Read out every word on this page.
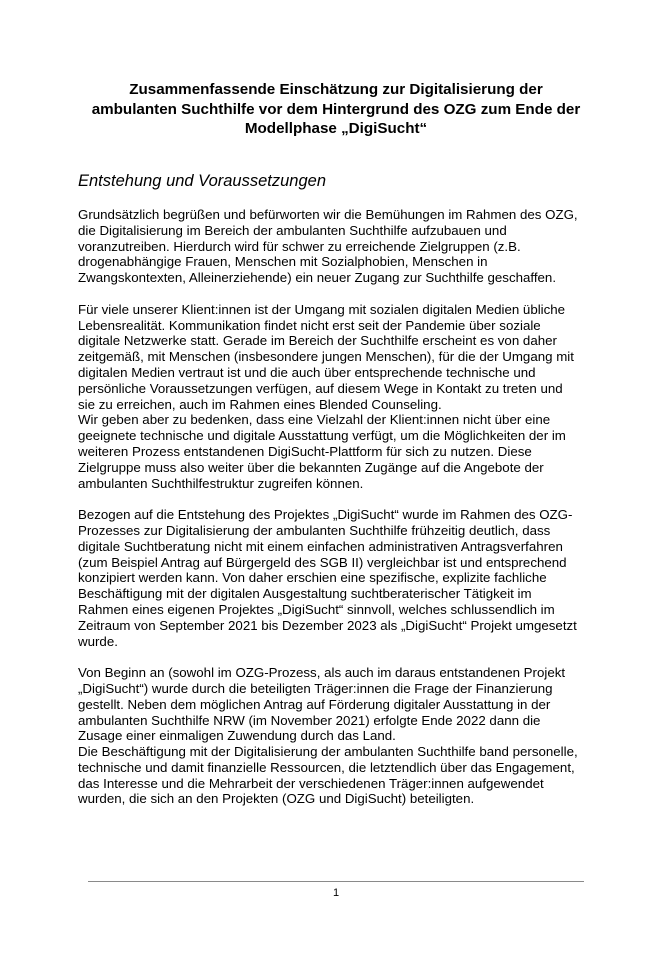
Zusammenfassende Einschätzung zur Digitalisierung der
ambulanten Suchthilfe vor dem Hintergrund des OZG zum Ende der
Modellphase „DigiSucht“
Entstehung und Voraussetzungen

Grundsätzlich begrüßen und befürworten wir die Bemühungen im Rahmen des OZG,
die Digitalisierung im Bereich der ambulanten Suchthilfe aufzubauen und
voranzutreiben. Hierdurch wird für schwer zu erreichende Zielgruppen (z.B.
drogenabhängige Frauen, Menschen mit Sozialphobien, Menschen in
Zwangskontexten, Alleinerziehende) ein neuer Zugang zur Suchthilfe geschaffen.

Für viele unserer Klient:innen ist der Umgang mit sozialen digitalen Medien übliche
Lebensrealität. Kommunikation findet nicht erst seit der Pandemie über soziale
digitale Netzwerke statt. Gerade im Bereich der Suchthilfe erscheint es von daher
zeitgemäß, mit Menschen (insbesondere jungen Menschen), für die der Umgang mit
digitalen Medien vertraut ist und die auch über entsprechende technische und
persönliche Voraussetzungen verfügen, auf diesem Wege in Kontakt zu treten und
sie zu erreichen, auch im Rahmen eines Blended Counseling.

Wir geben aber zu bedenken, dass eine Vielzahl der Klient:innen nicht über eine
geeignete technische und digitale Ausstattung verfügt, um die Möglichkeiten der im
weiteren Prozess entstandenen DigiSucht-Plattform für sich zu nutzen. Diese
Zielgruppe muss also weiter über die bekannten Zugänge auf die Angebote der
ambulanten Suchthilfestruktur zugreifen können.

Bezogen auf die Entstehung des Projektes „DigiSucht“ wurde im Rahmen des OZG-
Prozesses zur Digitalisierung der ambulanten Suchthilfe frühzeitig deutlich, dass
digitale Suchtberatung nicht mit einem einfachen administrativen Antragsverfahren
(zum Beispiel Antrag auf Bürgergeld des SGB II) vergleichbar ist und entsprechend
konzipiert werden kann. Von daher erschien eine spezifische, explizite fachliche
Beschäftigung mit der digitalen Ausgestaltung suchtberaterischer Tätigkeit im
Rahmen eines eigenen Projektes „DigiSucht“ sinnvoll, welches schlussendlich im
Zeitraum von September 2021 bis Dezember 2023 als „DigiSucht“ Projekt umgesetzt
wurde.

Von Beginn an (sowohl im OZG-Prozess, als auch im daraus entstandenen Projekt
„DigiSucht“) wurde durch die beteiligten Träger:innen die Frage der Finanzierung
gestellt. Neben dem möglichen Antrag auf Förderung digitaler Ausstattung in der
ambulanten Suchthilfe NRW (im November 2021) erfolgte Ende 2022 dann die
Zusage einer einmaligen Zuwendung durch das Land.

Die Beschäftigung mit der Digitalisierung der ambulanten Suchthilfe band personelle,
technische und damit finanzielle Ressourcen, die letztendlich über das Engagement,
das Interesse und die Mehrarbeit der verschiedenen Träger:innen aufgewendet
wurden, die sich an den Projekten (OZG und DigiSucht) beteiligten.

1
